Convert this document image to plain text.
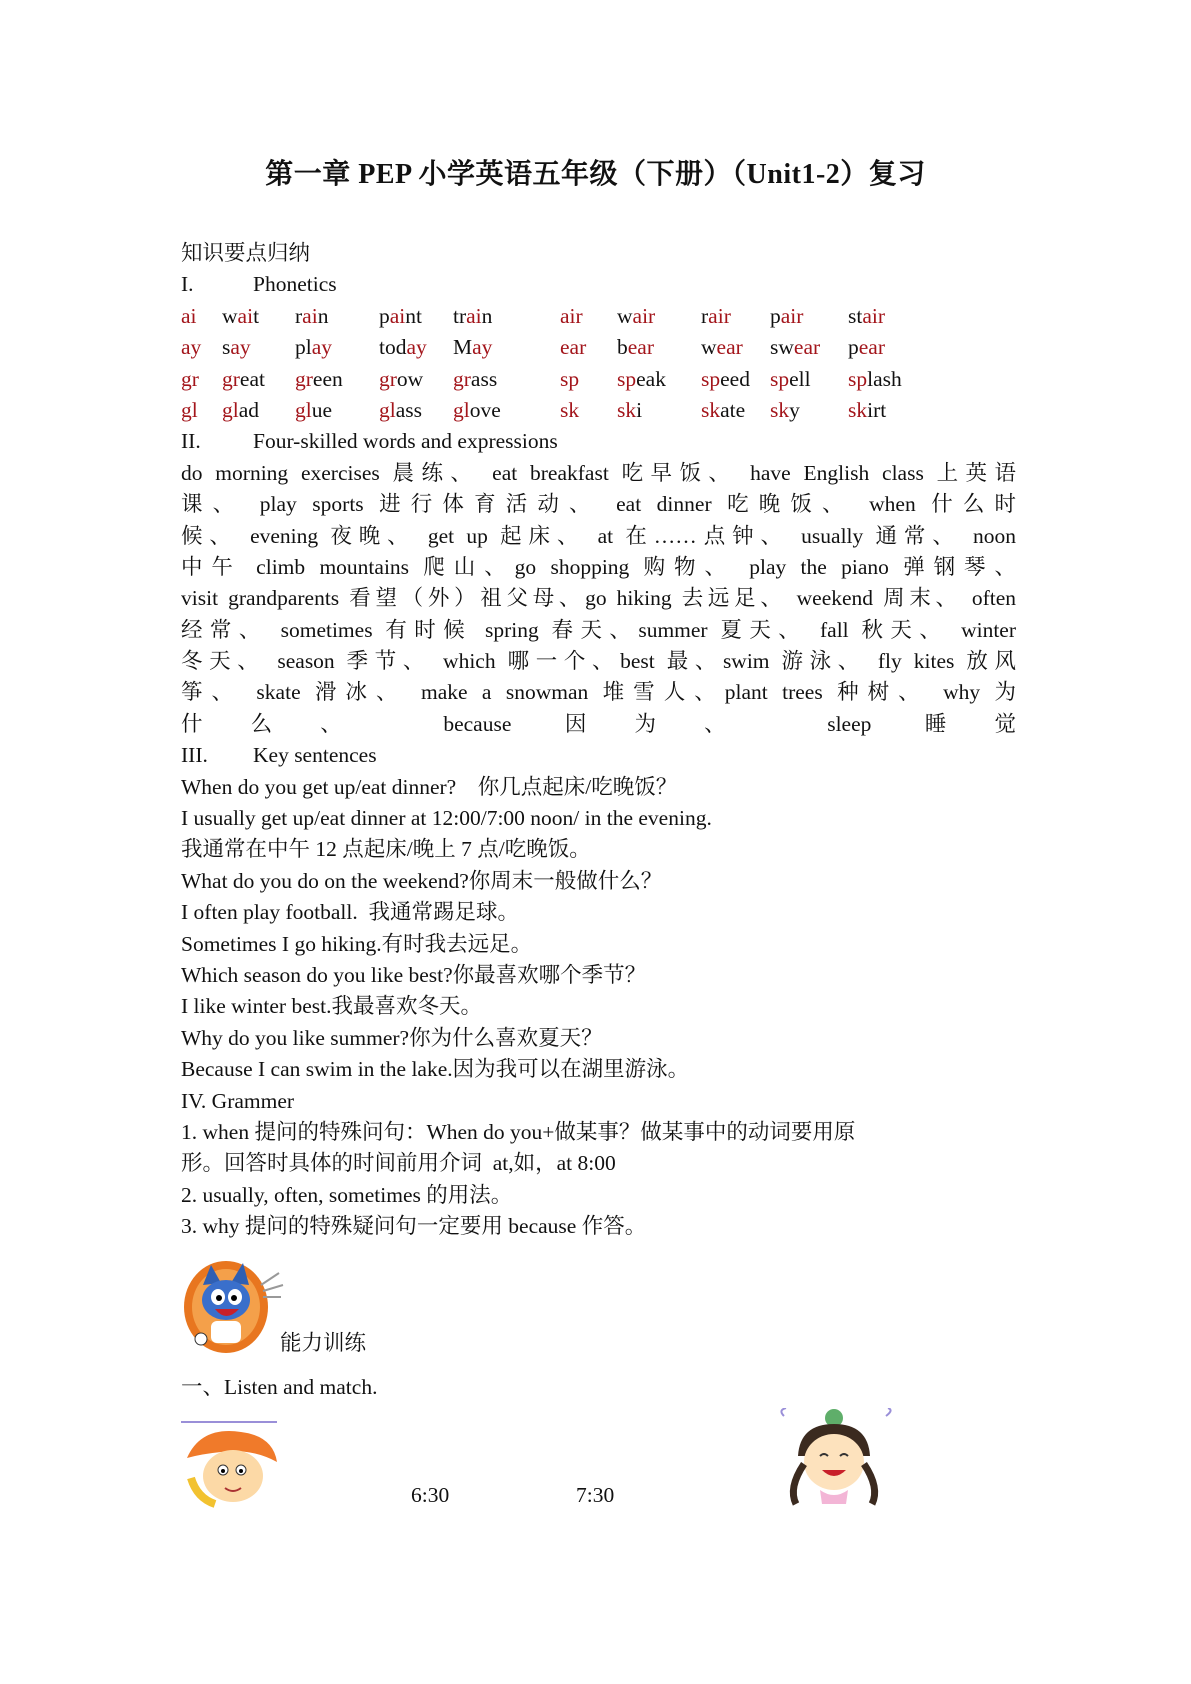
第一章 PEP 小学英语五年级（下册）（Unit1-2）复习
知识要点归纳
I.	Phonetics
ai wait rain paint train	air wair rair pair stair
ay say play today May	ear bear wear swear pear
gr great green grow grass	sp speak speed spell splash
gl glad glue glass glove	sk ski	skate sky skirt
II. Four-skilled words and expressions
do morning exercises 晨练、 eat breakfast 吃早饭、 have English class 上英语
课、 play sports 进行体育活动、 eat dinner 吃晚饭、 when 什么时
候、 evening 夜晚、 get up 起床、 at 在……点钟、 usually 通常、 noon
中午 climb mountains 爬山、go shopping 购物、 play the piano 弹钢琴、
visit grandparents 看望（外）祖父母、go hiking 去远足、 weekend 周末、 often
经常、 sometimes 有时候 spring 春天、summer 夏天、 fall 秋天、 winter
冬天、 season 季节、 which 哪一个、best 最、swim 游泳、 fly kites 放风
筝、 skate 滑冰、 make a snowman 堆雪人、plant trees 种树、 why 为
什么、 because 因为、 sleep 睡觉
III. Key sentences
When do you get up/eat dinner?    你几点起床/吃晚饭？
I usually get up/eat dinner at 12:00/7:00 noon/ in the evening.
我通常在中午 12 点起床/晚上 7 点/吃晚饭。
What do you do on the weekend?你周末一般做什么？
I often play football.  我通常踢足球。
Sometimes I go hiking.有时我去远足。
Which season do you like best?你最喜欢哪个季节？
I like winter best.我最喜欢冬天。
Why do you like summer?你为什么喜欢夏天？
Because I can swim in the lake.因为我可以在湖里游泳。
IV. Grammer
1. when 提问的特殊问句：When do you+做某事？做某事中的动词要用原
形。回答时具体的时间前用介词  at,如，at 8:00
2. usually, often, sometimes 的用法。
3. why 提问的特殊疑问句一定要用 because 作答。
能力训练
一、Listen and match.
6:30	7:30
